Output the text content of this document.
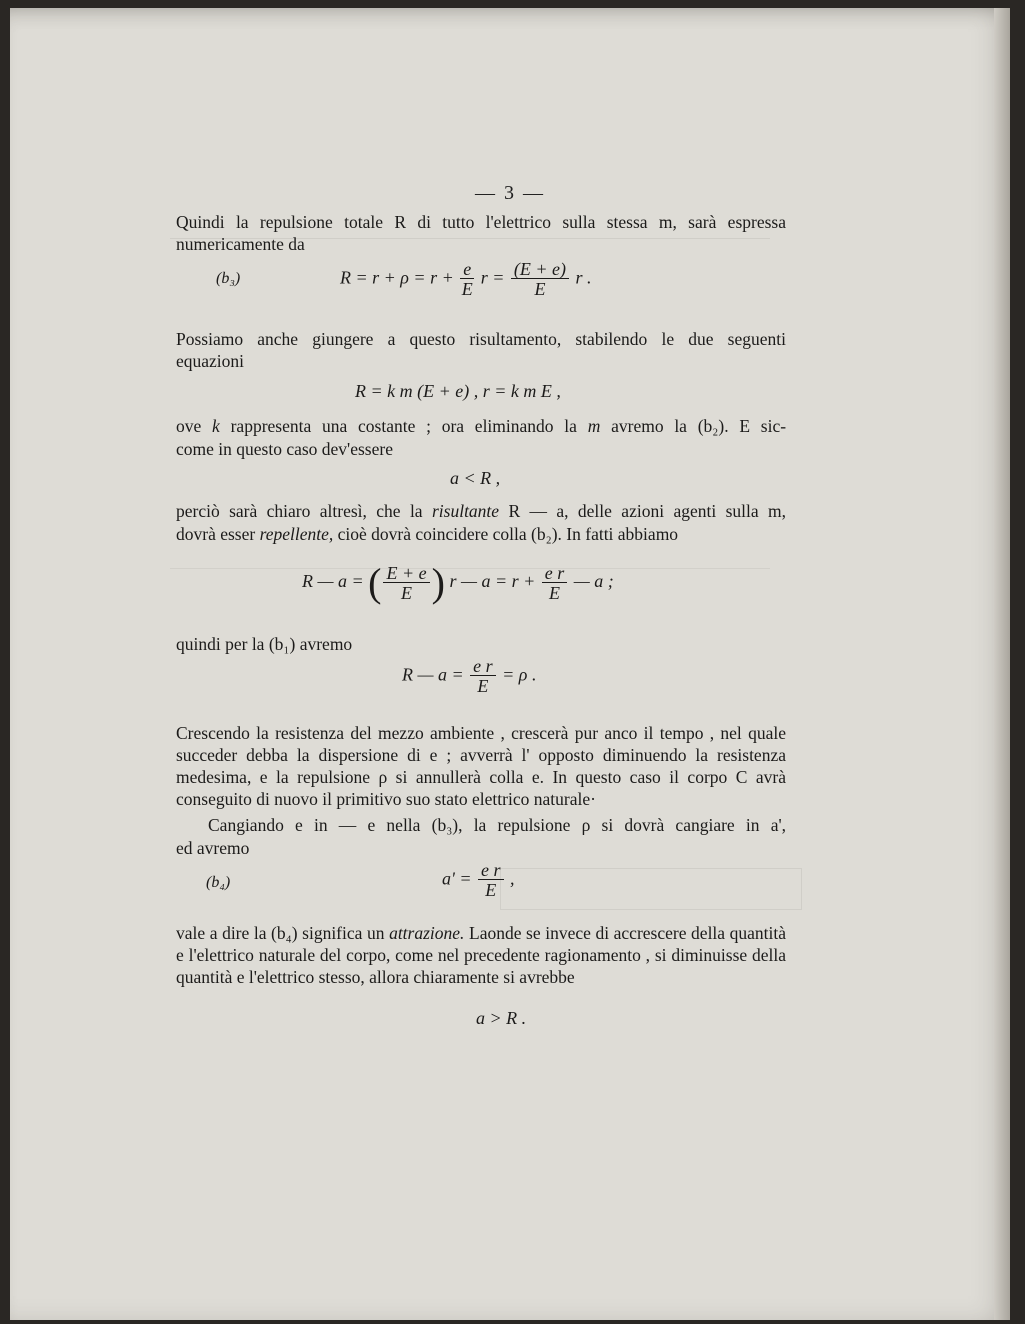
— 3 —
Quindi la repulsione totale R di tutto l'elettrico sulla stessa m, sarà espressa numericamente da
(b₃)	$R = r + \rho = r + \frac{e}{E}$ $r = \frac{(E + e)}{E}$ r .
Possiamo anche giungere a questo risultamento, stabilendo le due seguenti
equazioni
R = k m (E + e) , r = k m E ,
ove k rappresenta una costante ; ora eliminando la m avremo la (b₂). E sic-
come in questo caso dev'essere
a < R ,
perciò sarà chiaro altresì, che la risultante R — a, delle azioni agenti sulla m,
dovrà esser repellente, cioè dovrà coincidere colla (b₂). In fatti abbiamo
R — a = ( $\frac{E + e}{E}$ ) r — $a = r + \frac{\text{e r}}{E}$ — a ;
quindi per la (b₁) avremo
R — $a = \frac{\text{e r}}{E} = \rho$ .
Crescendo la resistenza del mezzo ambiente , crescerà pur anco il tempo , nel quale succeder debba la dispersione di e ; avverrà l' opposto diminuendo la resistenza medesima, e la repulsione ρ si annullerà colla e. In questo caso il corpo C avrà conseguito di nuovo il primitivo suo stato elettrico naturale·
Cangiando e in — e nella (b₃), la repulsione ρ si dovrà cangiare in a',
ed avremo
(b₄)	$a' = \frac{\text{e r}}{E}$ ,
vale a dire la (b₄) significa un attrazione. Laonde se invece di accrescere della quantità e l'elettrico naturale del corpo, come nel precedente ragionamento , si diminuisse della quantità e l'elettrico stesso, allora chiaramente si avrebbe
a > R .
